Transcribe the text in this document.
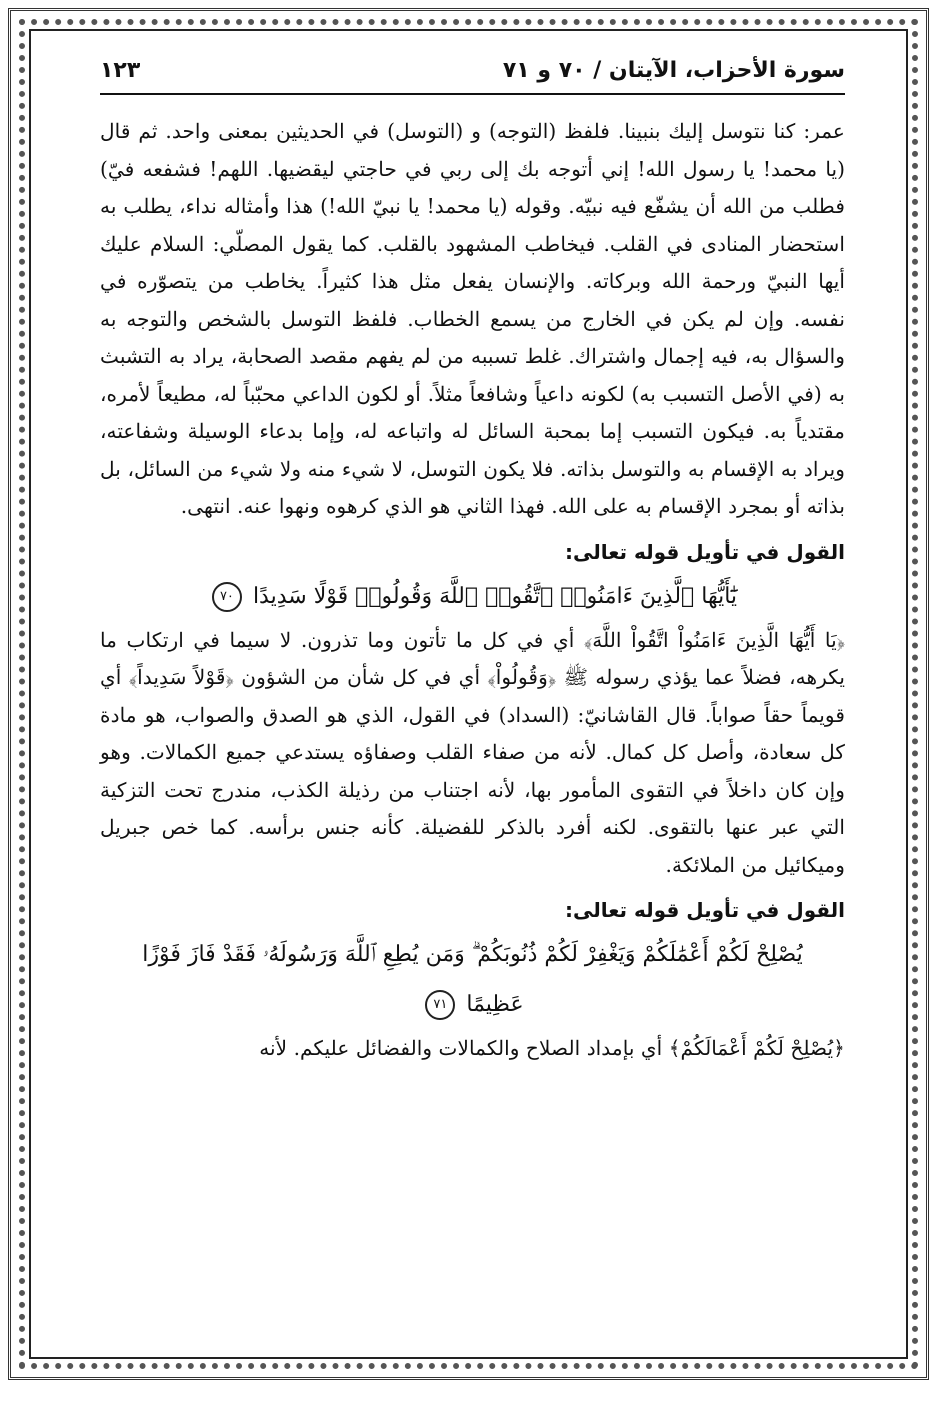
سورة الأحزاب، الآيتان / ٧٠ و ٧١
١٢٣

عمر: كنا نتوسل إليك بنبينا. فلفظ (التوجه) و (التوسل) في الحديثين بمعنى واحد. ثم قال (يا محمد! يا رسول الله! إني أتوجه بك إلى ربي في حاجتي ليقضيها. اللهم! فشفعه فيّ) فطلب من الله أن يشفّع فيه نبيّه. وقوله (يا محمد! يا نبيّ الله!) هذا وأمثاله نداء، يطلب به استحضار المنادى في القلب. فيخاطب المشهود بالقلب. كما يقول المصلّي: السلام عليك أيها النبيّ ورحمة الله وبركاته. والإنسان يفعل مثل هذا كثيراً. يخاطب من يتصوّره في نفسه. وإن لم يكن في الخارج من يسمع الخطاب. فلفظ التوسل بالشخص والتوجه به والسؤال به، فيه إجمال واشتراك. غلط تسببه من لم يفهم مقصد الصحابة، يراد به التشبث به (في الأصل التسبب به) لكونه داعياً وشافعاً مثلاً. أو لكون الداعي محبّباً له، مطيعاً لأمره، مقتدياً به. فيكون التسبب إما بمحبة السائل له واتباعه له، وإما بدعاء الوسيلة وشفاعته، ويراد به الإقسام به والتوسل بذاته. فلا يكون التوسل، لا شيء منه ولا شيء من السائل، بل بذاته أو بمجرد الإقسام به على الله. فهذا الثاني هو الذي كرهوه ونهوا عنه. انتهى.

القول في تأويل قوله تعالى:
يَٰٓأَيُّهَا ٱلَّذِينَ ءَامَنُوا۟ ٱتَّقُوا۟ ٱللَّهَ وَقُولُوا۟ قَوْلًا سَدِيدًا ٧٠

﴿يَا أَيُّهَا الَّذِينَ ءَامَنُواْ اتَّقُواْ اللَّهَ﴾ أي في كل ما تأتون وما تذرون. لا سيما في ارتكاب ما يكرهه، فضلاً عما يؤذي رسوله ﷺ ﴿وَقُولُواْ﴾ أي في كل شأن من الشؤون ﴿قَوْلاً سَدِيداً﴾ أي قويماً حقاً صواباً. قال القاشانيّ: (السداد) في القول، الذي هو الصدق والصواب، هو مادة كل سعادة، وأصل كل كمال. لأنه من صفاء القلب وصفاؤه يستدعي جميع الكمالات. وهو وإن كان داخلاً في التقوى المأمور بها، لأنه اجتناب من رذيلة الكذب، مندرج تحت التزكية التي عبر عنها بالتقوى. لكنه أفرد بالذكر للفضيلة. كأنه جنس برأسه. كما خص جبريل وميكائيل من الملائكة.

القول في تأويل قوله تعالى:
يُصْلِحْ لَكُمْ أَعْمَٰلَكُمْ وَيَغْفِرْ لَكُمْ ذُنُوبَكُمْ ۗ وَمَن يُطِعِ ٱللَّهَ وَرَسُولَهُۥ فَقَدْ فَازَ فَوْزًا
عَظِيمًا ٧١

﴿يُصْلِحْ لَكُمْ أَعْمَالَكُمْ﴾ أي بإمداد الصلاح والكمالات والفضائل عليكم. لأنه
